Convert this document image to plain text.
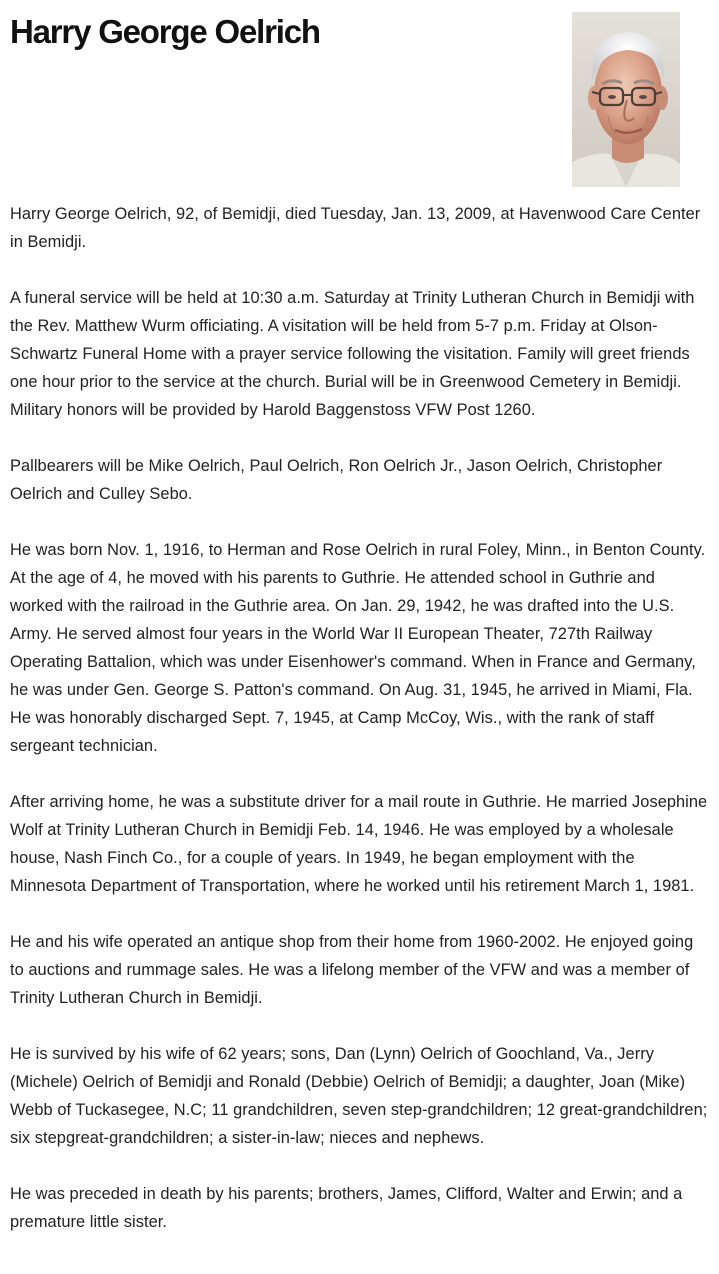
Harry George Oelrich

Harry George Oelrich, 92, of Bemidji, died Tuesday, Jan. 13, 2009, at Havenwood Care Center in Bemidji.

A funeral service will be held at 10:30 a.m. Saturday at Trinity Lutheran Church in Bemidji with the Rev. Matthew Wurm officiating. A visitation will be held from 5-7 p.m. Friday at Olson-Schwartz Funeral Home with a prayer service following the visitation. Family will greet friends one hour prior to the service at the church. Burial will be in Greenwood Cemetery in Bemidji. Military honors will be provided by Harold Baggenstoss VFW Post 1260.

Pallbearers will be Mike Oelrich, Paul Oelrich, Ron Oelrich Jr., Jason Oelrich, Christopher Oelrich and Culley Sebo.

He was born Nov. 1, 1916, to Herman and Rose Oelrich in rural Foley, Minn., in Benton County. At the age of 4, he moved with his parents to Guthrie. He attended school in Guthrie and worked with the railroad in the Guthrie area. On Jan. 29, 1942, he was drafted into the U.S. Army. He served almost four years in the World War II European Theater, 727th Railway Operating Battalion, which was under Eisenhower's command. When in France and Germany, he was under Gen. George S. Patton's command. On Aug. 31, 1945, he arrived in Miami, Fla. He was honorably discharged Sept. 7, 1945, at Camp McCoy, Wis., with the rank of staff sergeant technician.

After arriving home, he was a substitute driver for a mail route in Guthrie. He married Josephine Wolf at Trinity Lutheran Church in Bemidji Feb. 14, 1946. He was employed by a wholesale house, Nash Finch Co., for a couple of years. In 1949, he began employment with the Minnesota Department of Transportation, where he worked until his retirement March 1, 1981.

He and his wife operated an antique shop from their home from 1960-2002. He enjoyed going to auctions and rummage sales. He was a lifelong member of the VFW and was a member of Trinity Lutheran Church in Bemidji.

He is survived by his wife of 62 years; sons, Dan (Lynn) Oelrich of Goochland, Va., Jerry (Michele) Oelrich of Bemidji and Ronald (Debbie) Oelrich of Bemidji; a daughter, Joan (Mike) Webb of Tuckasegee, N.C; 11 grandchildren, seven step-grandchildren; 12 great-grandchildren; six stepgreat-grandchildren; a sister-in-law; nieces and nephews.

He was preceded in death by his parents; brothers, James, Clifford, Walter and Erwin; and a premature little sister.
